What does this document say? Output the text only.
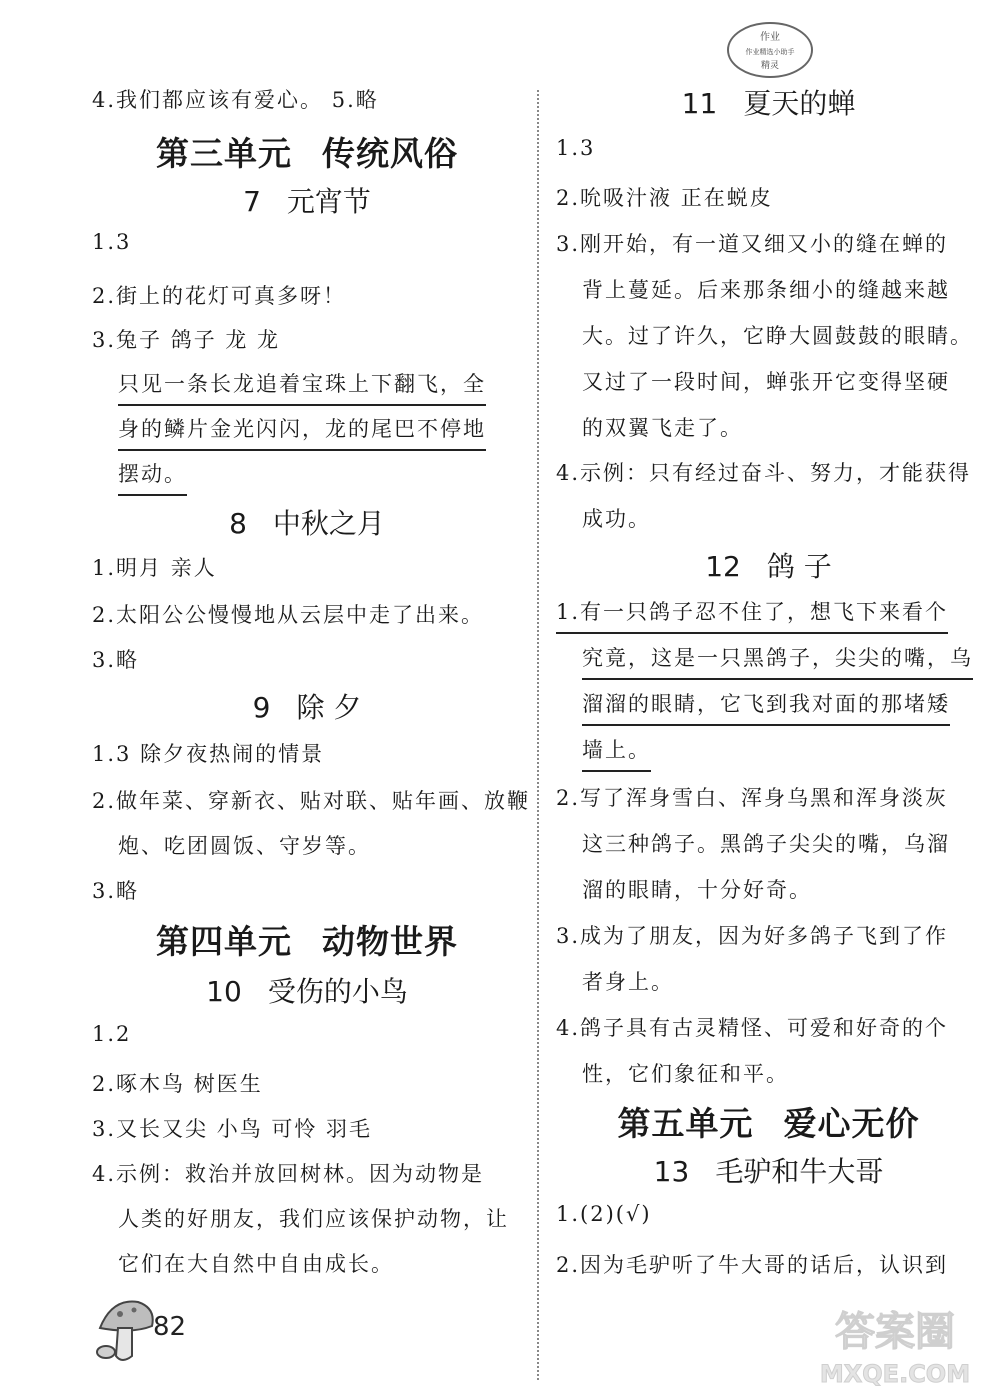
作业
作业精选小助手
精灵
4.我们都应该有爱心。 5.略
第三单元 传统风俗
7 元宵节
1.3
2.街上的花灯可真多呀！
3.兔子 鸽子 龙 龙
只见一条长龙追着宝珠上下翻飞，全
身的鳞片金光闪闪，龙的尾巴不停地
摆动。
8 中秋之月
1.明月 亲人
2.太阳公公慢慢地从云层中走了出来。
3.略
9 除 夕
1.3 除夕夜热闹的情景
2.做年菜、穿新衣、贴对联、贴年画、放鞭
炮、吃团圆饭、守岁等。
3.略
第四单元 动物世界
10 受伤的小鸟
1.2
2.啄木鸟 树医生
3.又长又尖 小鸟 可怜 羽毛
4.示例：救治并放回树林。因为动物是
人类的好朋友，我们应该保护动物，让
它们在大自然中自由成长。
82
11 夏天的蝉
1.3
2.吮吸汁液 正在蜕皮
3.刚开始，有一道又细又小的缝在蝉的
背上蔓延。后来那条细小的缝越来越
大。过了许久，它睁大圆鼓鼓的眼睛。
又过了一段时间，蝉张开它变得坚硬
的双翼飞走了。
4.示例：只有经过奋斗、努力，才能获得
成功。
12 鸽 子
1.有一只鸽子忍不住了，想飞下来看个
究竟，这是一只黑鸽子，尖尖的嘴，乌
溜溜的眼睛，它飞到我对面的那堵矮
墙上。
2.写了浑身雪白、浑身乌黑和浑身淡灰
这三种鸽子。黑鸽子尖尖的嘴，乌溜
溜的眼睛，十分好奇。
3.成为了朋友，因为好多鸽子飞到了作
者身上。
4.鸽子具有古灵精怪、可爱和好奇的个
性，它们象征和平。
第五单元 爱心无价
13 毛驴和牛大哥
1.(2)(√)
2.因为毛驴听了牛大哥的话后，认识到
答案圈
MXQE.COM
